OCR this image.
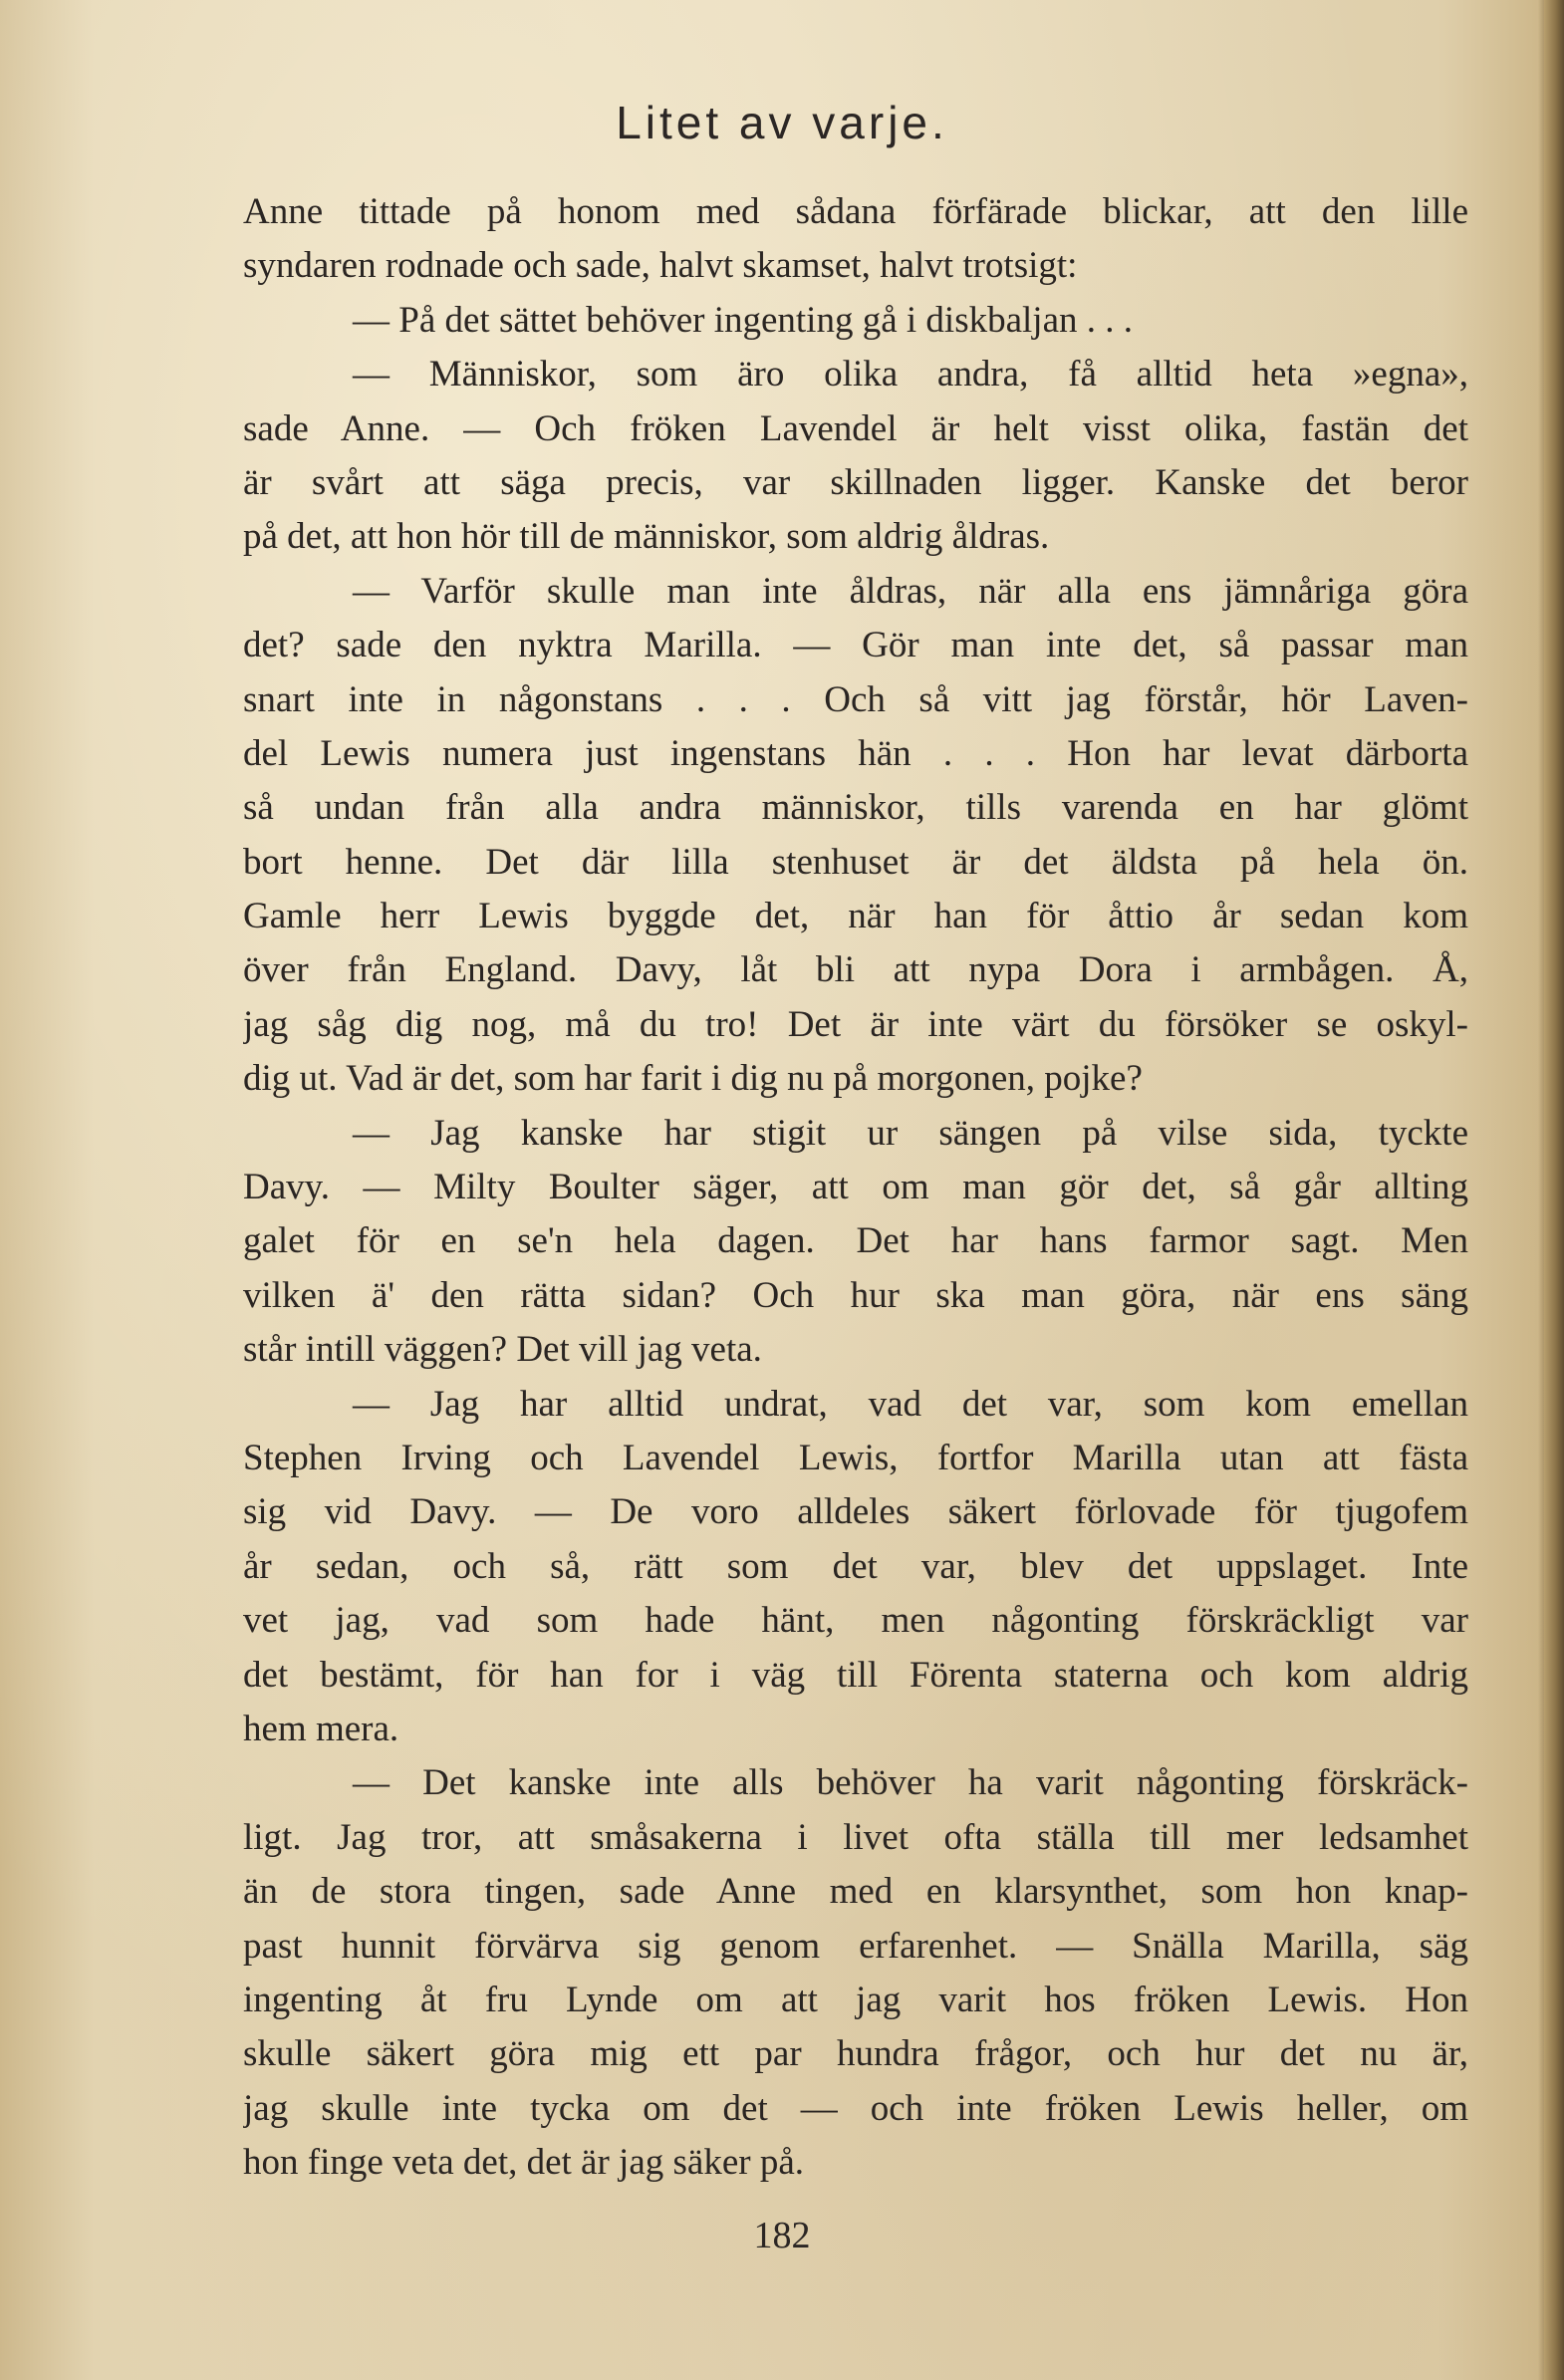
Litet av varje.
Anne tittade på honom med sådana förfärade blickar, att den lille
syndaren rodnade och sade, halvt skamset, halvt trotsigt:
— På det sättet behöver ingenting gå i diskbaljan . . .
— Människor, som äro olika andra, få alltid heta »egna»,
sade Anne. — Och fröken Lavendel är helt visst olika, fastän det
är svårt att säga precis, var skillnaden ligger. Kanske det beror
på det, att hon hör till de människor, som aldrig åldras.
— Varför skulle man inte åldras, när alla ens jämnåriga göra
det? sade den nyktra Marilla. — Gör man inte det, så passar man
snart inte in någonstans . . . Och så vitt jag förstår, hör Laven-
del Lewis numera just ingenstans hän . . . Hon har levat därborta
så undan från alla andra människor, tills varenda en har glömt
bort henne. Det där lilla stenhuset är det äldsta på hela ön.
Gamle herr Lewis byggde det, när han för åttio år sedan kom
över från England. Davy, låt bli att nypa Dora i armbågen. Å,
jag såg dig nog, må du tro! Det är inte värt du försöker se oskyl-
dig ut. Vad är det, som har farit i dig nu på morgonen, pojke?
— Jag kanske har stigit ur sängen på vilse sida, tyckte
Davy. — Milty Boulter säger, att om man gör det, så går allting
galet för en se'n hela dagen. Det har hans farmor sagt. Men
vilken ä' den rätta sidan? Och hur ska man göra, när ens säng
står intill väggen? Det vill jag veta.
— Jag har alltid undrat, vad det var, som kom emellan
Stephen Irving och Lavendel Lewis, fortfor Marilla utan att fästa
sig vid Davy. — De voro alldeles säkert förlovade för tjugofem
år sedan, och så, rätt som det var, blev det uppslaget. Inte
vet jag, vad som hade hänt, men någonting förskräckligt var
det bestämt, för han for i väg till Förenta staterna och kom aldrig
hem mera.
— Det kanske inte alls behöver ha varit någonting förskräck-
ligt. Jag tror, att småsakerna i livet ofta ställa till mer ledsamhet
än de stora tingen, sade Anne med en klarsynthet, som hon knap-
past hunnit förvärva sig genom erfarenhet. — Snälla Marilla, säg
ingenting åt fru Lynde om att jag varit hos fröken Lewis. Hon
skulle säkert göra mig ett par hundra frågor, och hur det nu är,
jag skulle inte tycka om det — och inte fröken Lewis heller, om
hon finge veta det, det är jag säker på.
182
